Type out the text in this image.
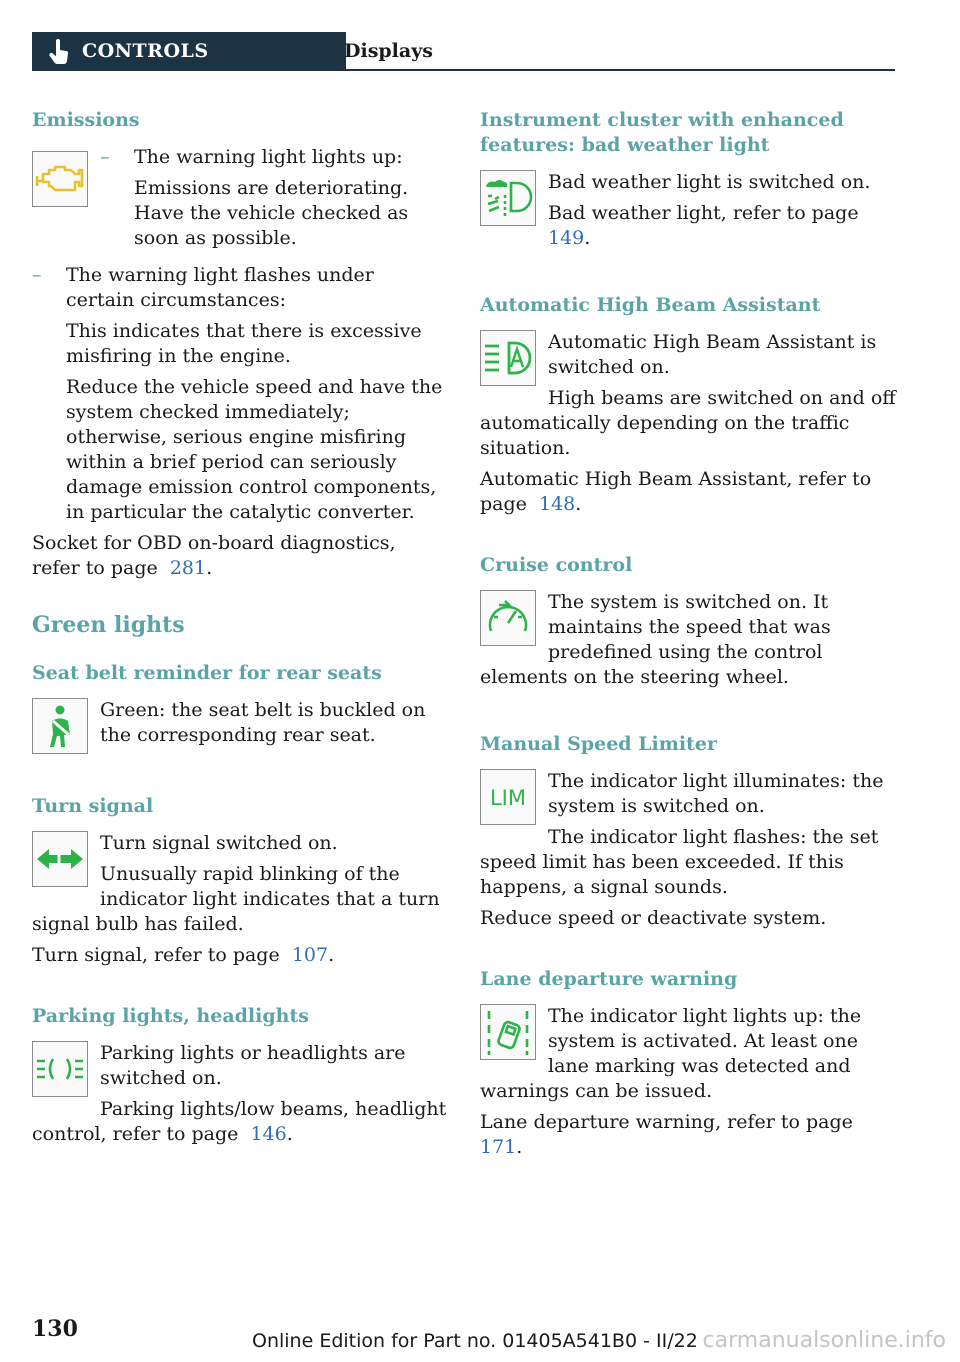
CONTROLS	Displays
Emissions

– The warning light lights up:

Emissions are deteriorating. Have the vehicle checked as soon as possible.

– The warning light flashes under certain circumstances:

This indicates that there is excessive misfiring in the engine.

Reduce the vehicle speed and have the system checked immediately; otherwise, serious engine misfiring within a brief period can seriously damage emission control components, in particular the catalytic converter.

Socket for OBD on-board diagnostics, refer to page 281.

Green lights
Seat belt reminder for rear seats

Green: the seat belt is buckled on the corresponding rear seat.

Turn signal

Turn signal switched on.

Unusually rapid blinking of the indicator light indicates that a turn signal bulb has failed.

Turn signal, refer to page 107.

Parking lights, headlights

Parking lights or headlights are switched on.

Parking lights/low beams, headlight control, refer to page 146.

Instrument cluster with enhanced features: bad weather light

Bad weather light is switched on.

Bad weather light, refer to page  149.

Automatic High Beam Assistant

Automatic High Beam Assistant is switched on.

High beams are switched on and off automatically depending on the traffic situation.

Automatic High Beam Assistant, refer to page 148.

Cruise control

The system is switched on. It maintains the speed that was predefined using the control elements on the steering wheel.

Manual Speed Limiter
LIM

The indicator light illuminates: the system is switched on.

The indicator light flashes: the set speed limit has been exceeded. If this happens, a signal sounds.

Reduce speed or deactivate system.

Lane departure warning

The indicator light lights up: the system is activated. At least one lane marking was detected and warnings can be issued.

Lane departure warning, refer to page  171.

130	Online Edition for Part no. 01405A541B0 - II/22 carmanualsonline.info
